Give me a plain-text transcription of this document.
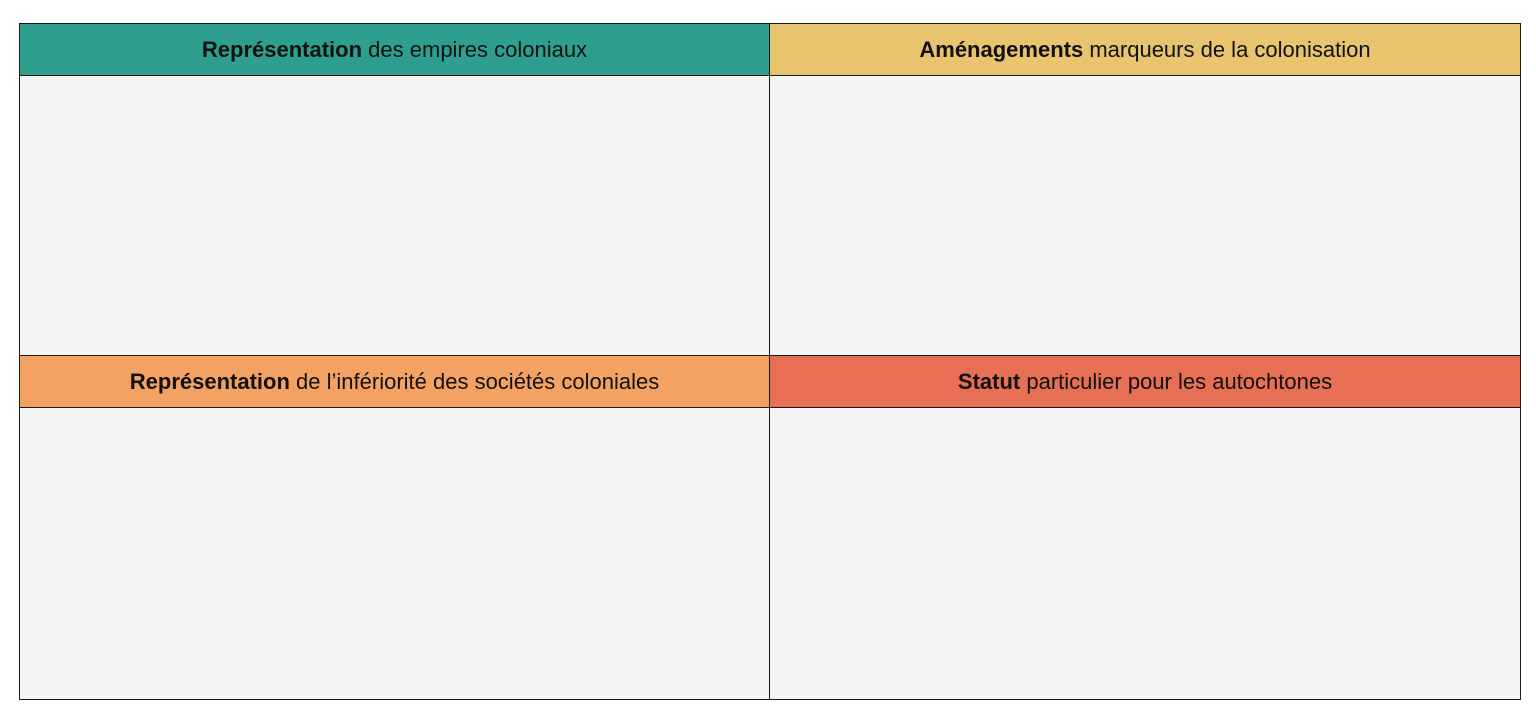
Représentation des empires coloniaux	Aménagements marqueurs de la colonisation
Représentation de l’infériorité des sociétés coloniales	Statut particulier pour les autochtones
